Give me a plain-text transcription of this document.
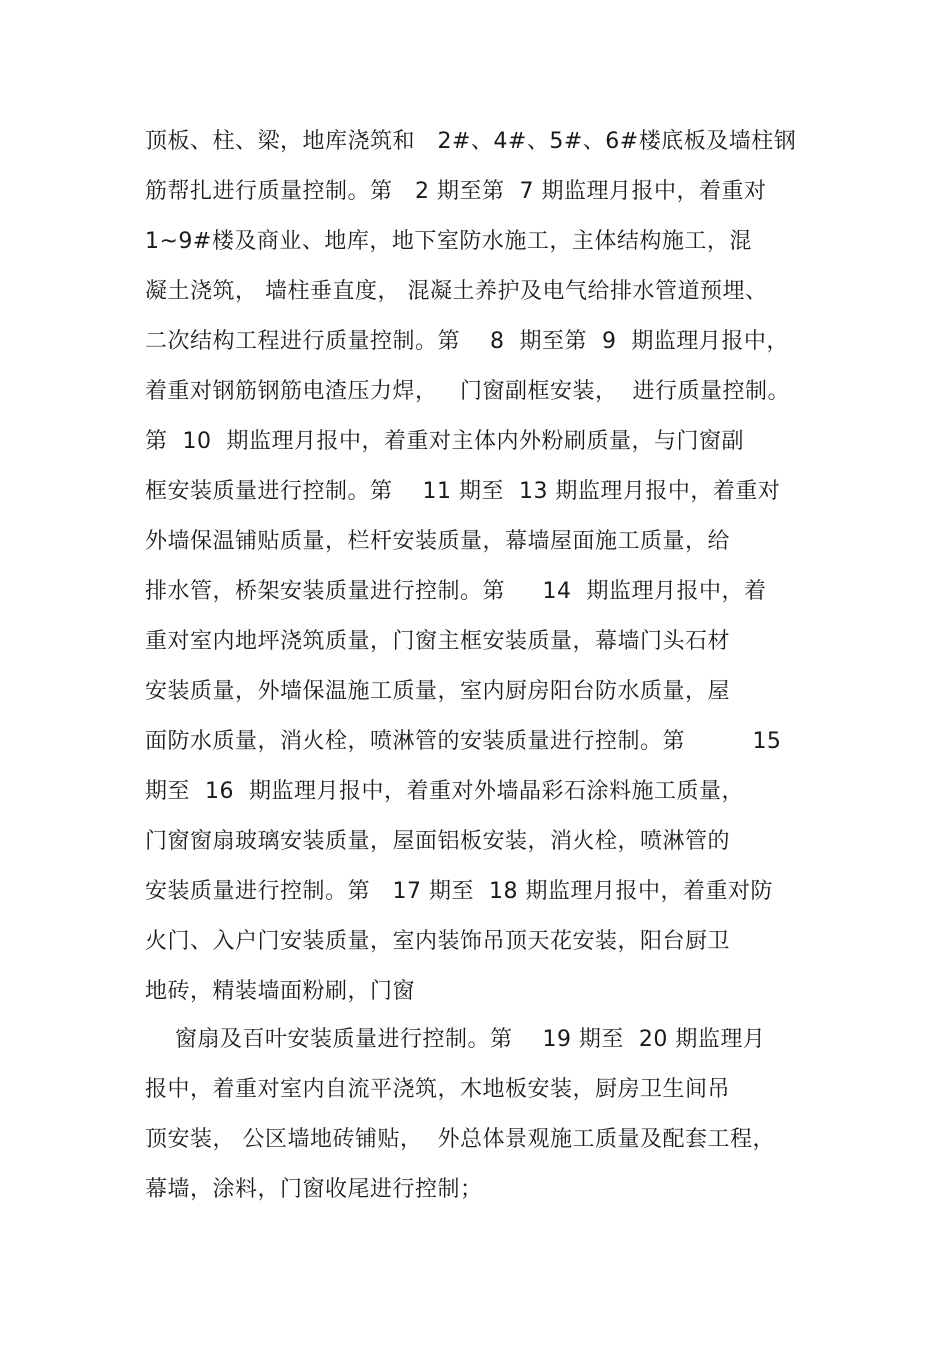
顶板、柱、梁，地库浇筑和   2#、4#、5#、6#楼底板及墙柱钢
筋帮扎进行质量控制。第   2 期至第  7 期监理月报中，着重对
1~9#楼及商业、地库，地下室防水施工，主体结构施工，混
凝土浇筑， 墙柱垂直度， 混凝土养护及电气给排水管道预埋、
二次结构工程进行质量控制。第    8  期至第  9  期监理月报中，
着重对钢筋钢筋电渣压力焊，   门窗副框安装，  进行质量控制。
第  10  期监理月报中，着重对主体内外粉刷质量，与门窗副
框安装质量进行控制。第    11 期至  13 期监理月报中，着重对
外墙保温铺贴质量，栏杆安装质量，幕墙屋面施工质量，给
排水管，桥架安装质量进行控制。第     14  期监理月报中，着
重对室内地坪浇筑质量，门窗主框安装质量，幕墙门头石材
安装质量，外墙保温施工质量，室内厨房阳台防水质量，屋
面防水质量，消火栓，喷淋管的安装质量进行控制。第         15
期至  16  期监理月报中，着重对外墙晶彩石涂料施工质量，
门窗窗扇玻璃安装质量，屋面铝板安装，消火栓，喷淋管的
安装质量进行控制。第   17 期至  18 期监理月报中，着重对防
火门、入户门安装质量，室内装饰吊顶天花安装，阳台厨卫
地砖，精装墙面粉刷，门窗
窗扇及百叶安装质量进行控制。第    19 期至  20 期监理月
报中，着重对室内自流平浇筑，木地板安装，厨房卫生间吊
顶安装， 公区墙地砖铺贴，  外总体景观施工质量及配套工程，
幕墙，涂料，门窗收尾进行控制；
